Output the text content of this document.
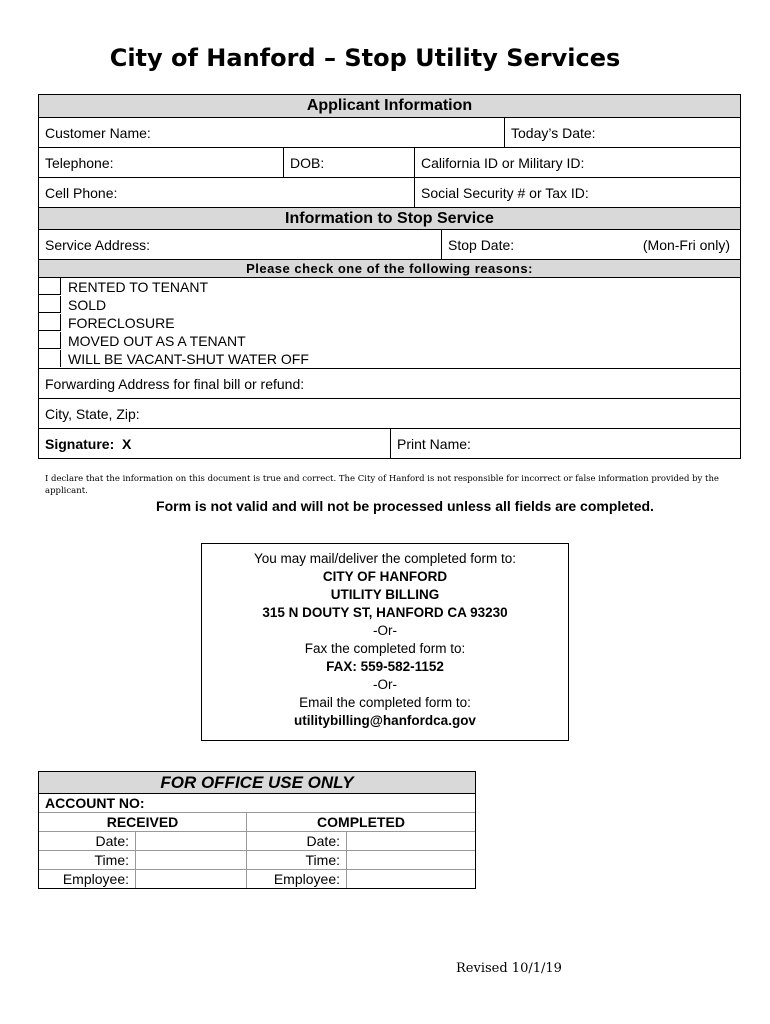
City of Hanford – Stop Utility Services
Applicant Information
Customer Name:	Today’s Date:
Telephone:	DOB:	California ID or Military ID:
Cell Phone:	Social Security # or Tax ID:
Information to Stop Service
Service Address:	Stop Date:	(Mon-Fri only)
Please check one of the following reasons:
RENTED TO TENANT
SOLD
FORECLOSURE
MOVED OUT AS A TENANT
WILL BE VACANT-SHUT WATER OFF
Forwarding Address for final bill or refund:
City, State, Zip:
Signature:  X	Print Name:
I declare that the information on this document is true and correct. The City of Hanford is not responsible for incorrect or false information provided by the applicant.
Form is not valid and will not be processed unless all fields are completed.
You may mail/deliver the completed form to:
CITY OF HANFORD
UTILITY BILLING
315 N DOUTY ST, HANFORD CA 93230
-Or-
Fax the completed form to:
FAX: 559-582-1152
-Or-
Email the completed form to:
utilitybilling@hanfordca.gov
FOR OFFICE USE ONLY
ACCOUNT NO:
RECEIVED	COMPLETED
Date:	Date:
Time:	Time:
Employee:	Employee:
Revised 10/1/19
